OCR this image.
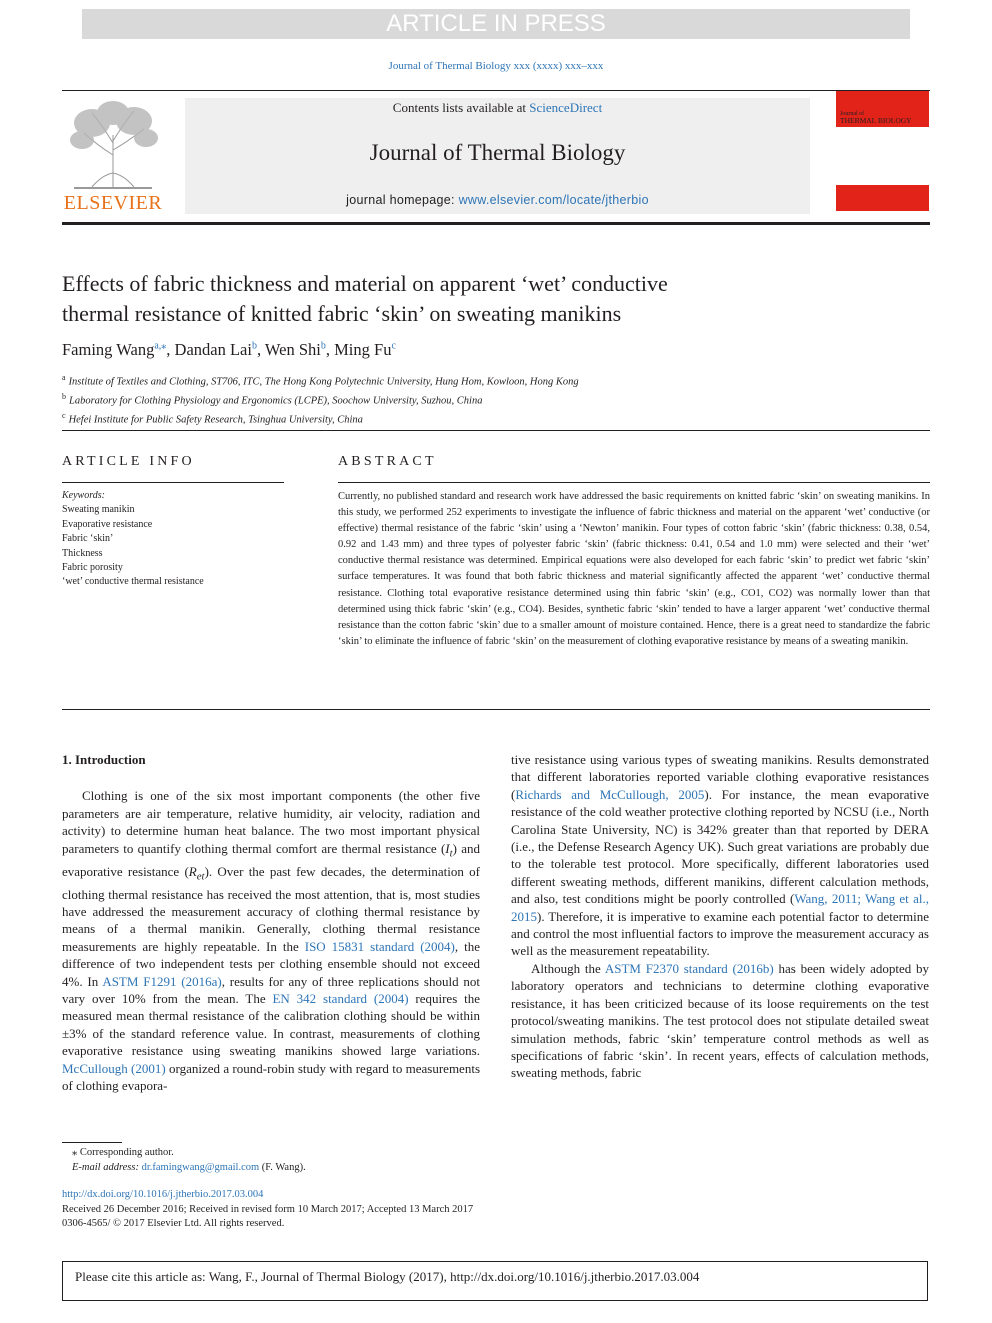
ARTICLE IN PRESS
Journal of Thermal Biology xxx (xxxx) xxx–xxx
ELSEVIER
Contents lists available at ScienceDirect
Journal of Thermal Biology
journal homepage: www.elsevier.com/locate/jtherbio
Journal of
THERMAL BIOLOGY
Effects of fabric thickness and material on apparent ‘wet’ conductive
thermal resistance of knitted fabric ‘skin’ on sweating manikins
Faming Wang$^{a,⁎}$, Dandan Lai$^b$, Wen Shi$^b$, Ming Fu$^c$
$^a$ Institute of Textiles and Clothing, ST706, ITC, The Hong Kong Polytechnic University, Hung Hom, Kowloon, Hong Kong
$^b$ Laboratory for Clothing Physiology and Ergonomics (LCPE), Soochow University, Suzhou, China
$^c$ Hefei Institute for Public Safety Research, Tsinghua University, China
ARTICLE INFO	ABSTRACT
Keywords:
Sweating manikin
Evaporative resistance
Fabric ‘skin’
Thickness
Fabric porosity
‘wet’ conductive thermal resistance
Currently, no published standard and research work have addressed the basic requirements on knitted fabric ‘skin’ on sweating manikins. In this study, we performed 252 experiments to investigate the influence of fabric thickness and material on the apparent ‘wet’ conductive (or effective) thermal resistance of the fabric ‘skin’ using a ‘Newton’ manikin. Four types of cotton fabric ‘skin’ (fabric thickness: 0.38, 0.54, 0.92 and 1.43 mm) and three types of polyester fabric ‘skin’ (fabric thickness: 0.41, 0.54 and 1.0 mm) were selected and their ‘wet’ conductive thermal resistance was determined. Empirical equations were also developed for each fabric ‘skin’ to predict wet fabric ‘skin’ surface temperatures. It was found that both fabric thickness and material significantly affected the apparent ‘wet’ conductive thermal resistance. Clothing total evaporative resistance determined using thin fabric ‘skin’ (e.g., CO1, CO2) was normally lower than that determined using thick fabric ‘skin’ (e.g., CO4). Besides, synthetic fabric ‘skin’ tended to have a larger apparent ‘wet’ conductive thermal resistance than the cotton fabric ‘skin’ due to a smaller amount of moisture contained. Hence, there is a great need to standardize the fabric ‘skin’ to eliminate the influence of fabric ‘skin’ on the measurement of clothing evaporative resistance by means of a sweating manikin.

1. Introduction

Clothing is one of the six most important components (the other five parameters are air temperature, relative humidity, air velocity, radiation and activity) to determine human heat balance. The two most important physical parameters to quantify clothing thermal comfort are thermal resistance $(I_t)$ and evaporative resistance $(R_{et})$. Over the past few decades, the determination of clothing thermal resistance has received the most attention, that is, most studies have addressed the measurement accuracy of clothing thermal resistance by means of a thermal manikin. Generally, clothing thermal resistance measurements are highly repeatable. In the ISO 15831 standard (2004), the difference of two independent tests per clothing ensemble should not exceed 4%. In ASTM F1291 (2016a), results for any of three replications should not vary over 10% from the mean. The EN 342 standard (2004) requires the measured mean thermal resistance of the calibration clothing should be within ±3% of the standard reference value. In contrast, measurements of clothing evaporative resistance using sweating manikins showed large variations. McCullough (2001) organized a round-robin study with regard to measurements of clothing evapora-

tive resistance using various types of sweating manikins. Results demonstrated that different laboratories reported variable clothing evaporative resistances (Richards and McCullough, 2005). For instance, the mean evaporative resistance of the cold weather protective clothing reported by NCSU (i.e., North Carolina State University, NC) is 342% greater than that reported by DERA (i.e., the Defense Research Agency UK). Such great variations are probably due to the tolerable test protocol. More specifically, different laboratories used different sweating methods, different manikins, different calculation methods, and also, test conditions might be poorly controlled (Wang, 2011; Wang et al., 2015). Therefore, it is imperative to examine each potential factor to determine and control the most influential factors to improve the measurement accuracy as well as the measurement repeatability.

Although the ASTM F2370 standard (2016b) has been widely adopted by laboratory operators and technicians to determine clothing evaporative resistance, it has been criticized because of its loose requirements on the test protocol/sweating manikins. The test protocol does not stipulate detailed sweat simulation methods, fabric ‘skin’ temperature control methods as well as specifications of fabric ‘skin’. In recent years, effects of calculation methods, sweating methods, fabric

⁎ Corresponding author.
E-mail address: dr.famingwang@gmail.com (F. Wang).
http://dx.doi.org/10.1016/j.jtherbio.2017.03.004
Received 26 December 2016; Received in revised form 10 March 2017; Accepted 13 March 2017
0306-4565/ © 2017 Elsevier Ltd. All rights reserved.
Please cite this article as: Wang, F., Journal of Thermal Biology (2017), http://dx.doi.org/10.1016/j.jtherbio.2017.03.004
